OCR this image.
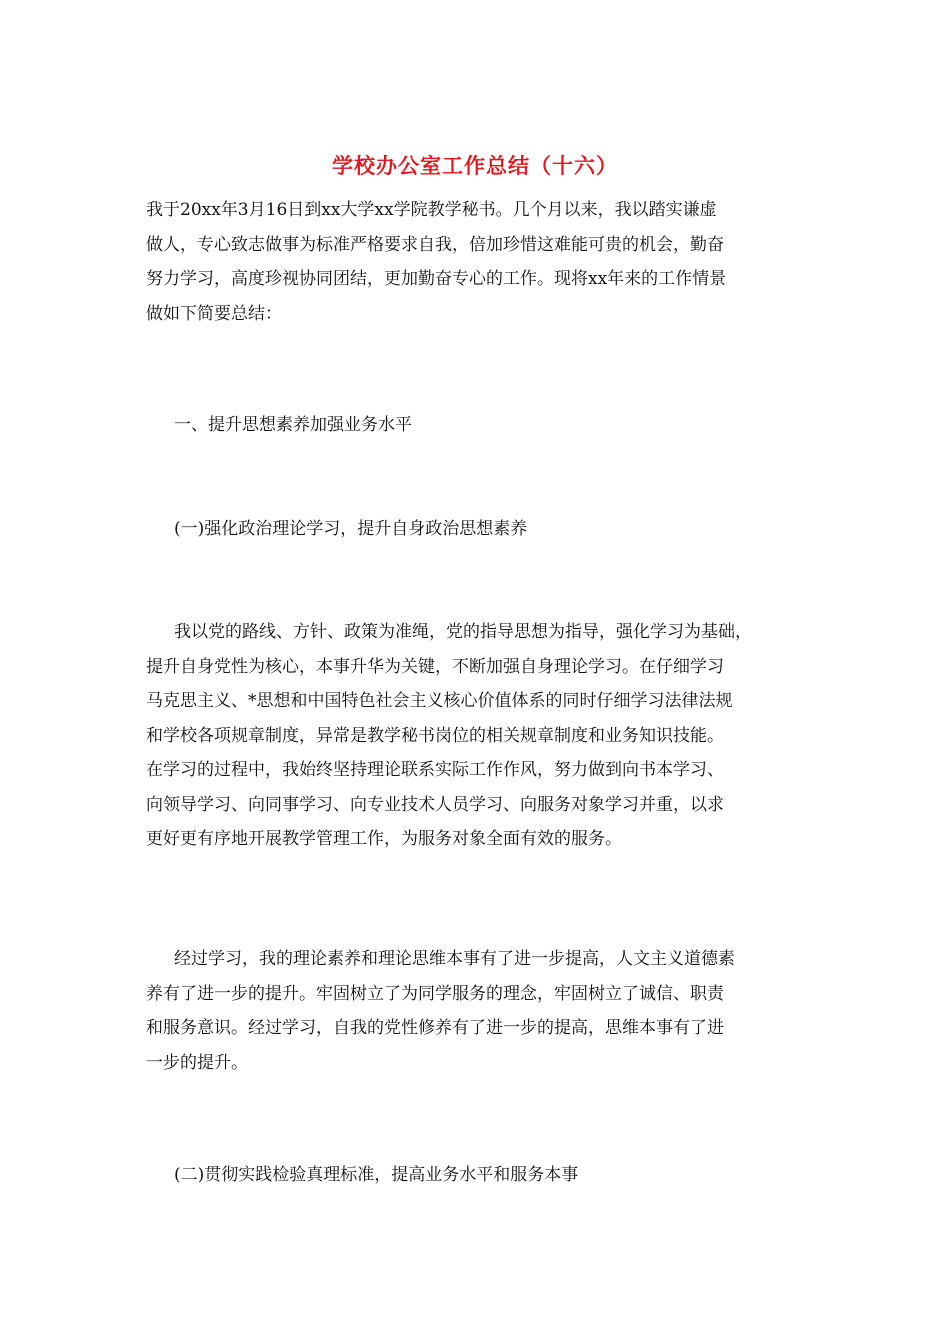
学校办公室工作总结（十六）
我于20xx年3月16日到xx大学xx学院教学秘书。几个月以来，我以踏实谦虚
做人，专心致志做事为标准严格要求自我，倍加珍惜这难能可贵的机会，勤奋
努力学习，高度珍视协同团结，更加勤奋专心的工作。现将xx年来的工作情景
做如下简要总结：
一、提升思想素养加强业务水平
(一)强化政治理论学习，提升自身政治思想素养
我以党的路线、方针、政策为准绳，党的指导思想为指导，强化学习为基础，
提升自身党性为核心，本事升华为关键，不断加强自身理论学习。在仔细学习
马克思主义、*思想和中国特色社会主义核心价值体系的同时仔细学习法律法规
和学校各项规章制度，异常是教学秘书岗位的相关规章制度和业务知识技能。
在学习的过程中，我始终坚持理论联系实际工作作风，努力做到向书本学习、
向领导学习、向同事学习、向专业技术人员学习、向服务对象学习并重，以求
更好更有序地开展教学管理工作，为服务对象全面有效的服务。
经过学习，我的理论素养和理论思维本事有了进一步提高，人文主义道德素
养有了进一步的提升。牢固树立了为同学服务的理念，牢固树立了诚信、职责
和服务意识。经过学习，自我的党性修养有了进一步的提高，思维本事有了进
一步的提升。
(二)贯彻实践检验真理标准，提高业务水平和服务本事
